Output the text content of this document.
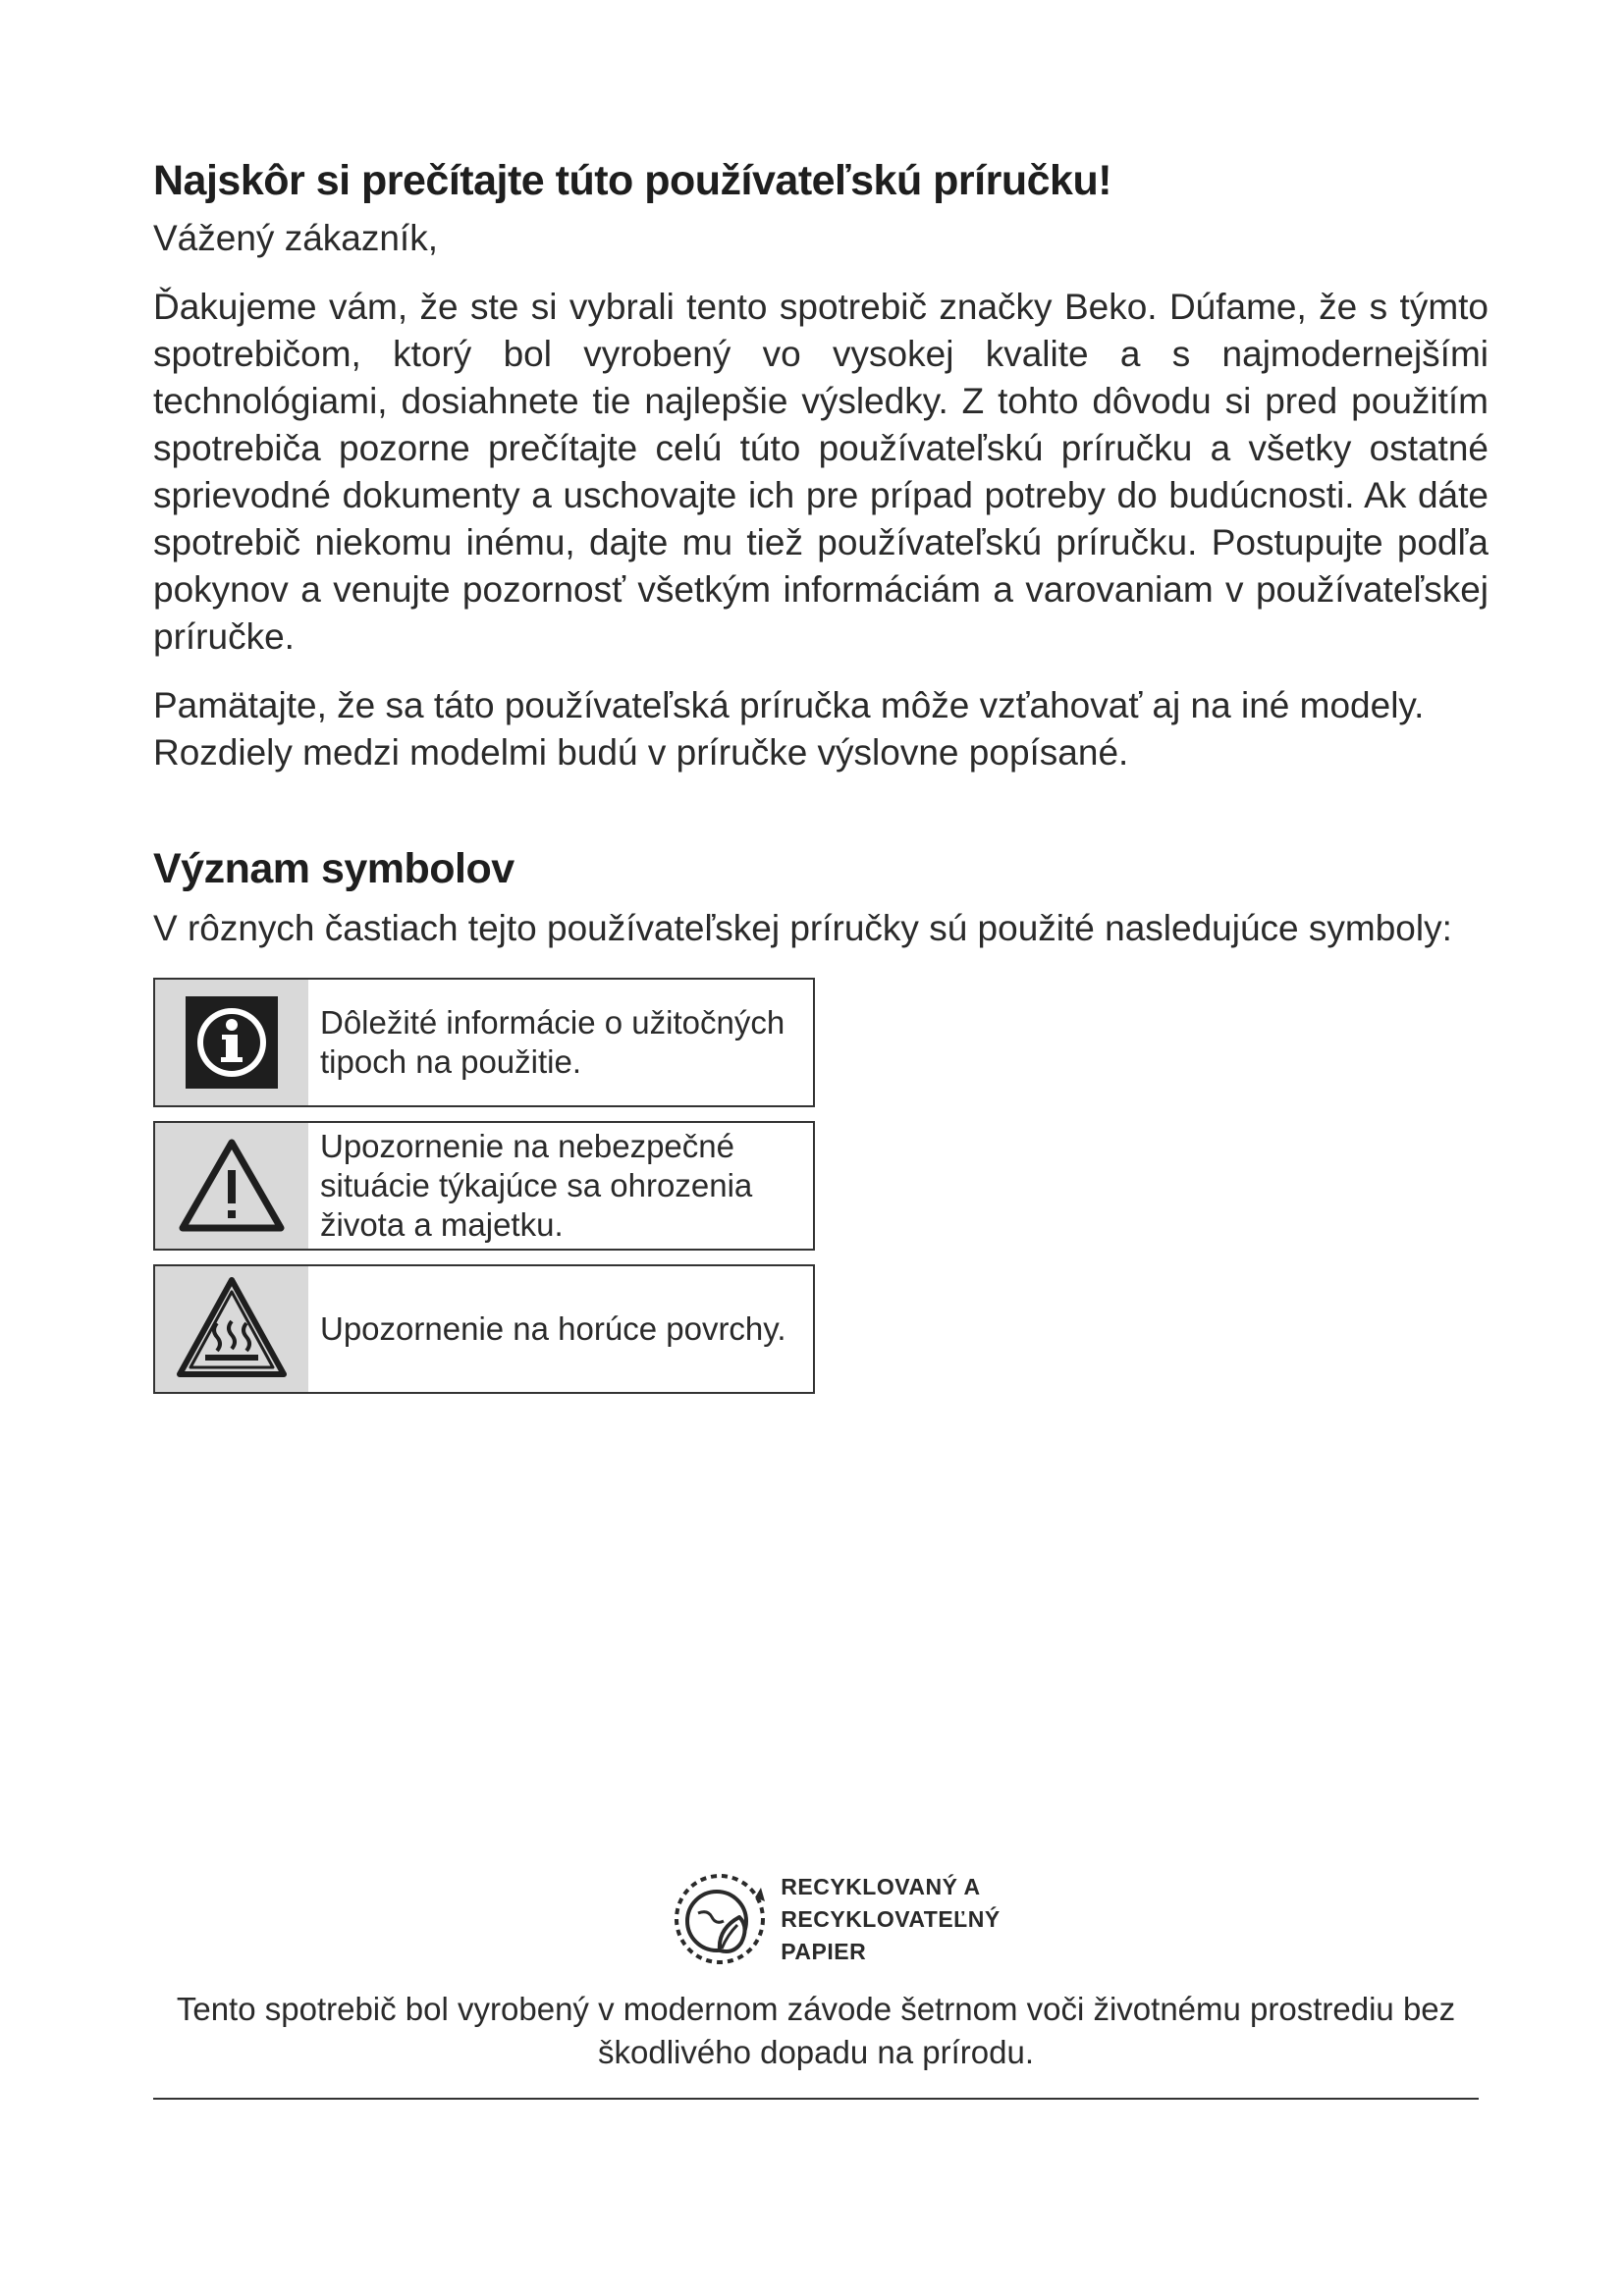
Najskôr si prečítajte túto používateľskú príručku!

Vážený zákazník,

Ďakujeme vám, že ste si vybrali tento spotrebič značky Beko. Dúfame, že s týmto spotrebičom, ktorý bol vyrobený vo vysokej kvalite a s najmodernejšími technológiami, dosiahnete tie najlepšie výsledky. Z tohto dôvodu si pred použitím spotrebiča pozorne prečítajte celú túto používateľskú príručku a všetky ostatné sprievodné dokumenty a uschovajte ich pre prípad potreby do budúcnosti. Ak dáte spotrebič niekomu inému, dajte mu tiež používateľskú príručku. Postupujte podľa pokynov a venujte pozornosť všetkým informáciám a varovaniam v používateľskej príručke.

Pamätajte, že sa táto používateľská príručka môže vzťahovať aj na iné modely. Rozdiely medzi modelmi budú v príručke výslovne popísané.

Význam symbolov

V rôznych častiach tejto používateľskej príručky sú použité nasledujúce symboly:

Dôležité informácie o užitočných tipoch na použitie.
Upozornenie na nebezpečné situácie týkajúce sa ohrozenia života a majetku.
Upozornenie na horúce povrchy.
RECYKLOVANÝ A
RECYKLOVATEĽNÝ
PAPIER
Tento spotrebič bol vyrobený v modernom závode šetrnom voči životnému prostrediu bez škodlivého dopadu na prírodu.
